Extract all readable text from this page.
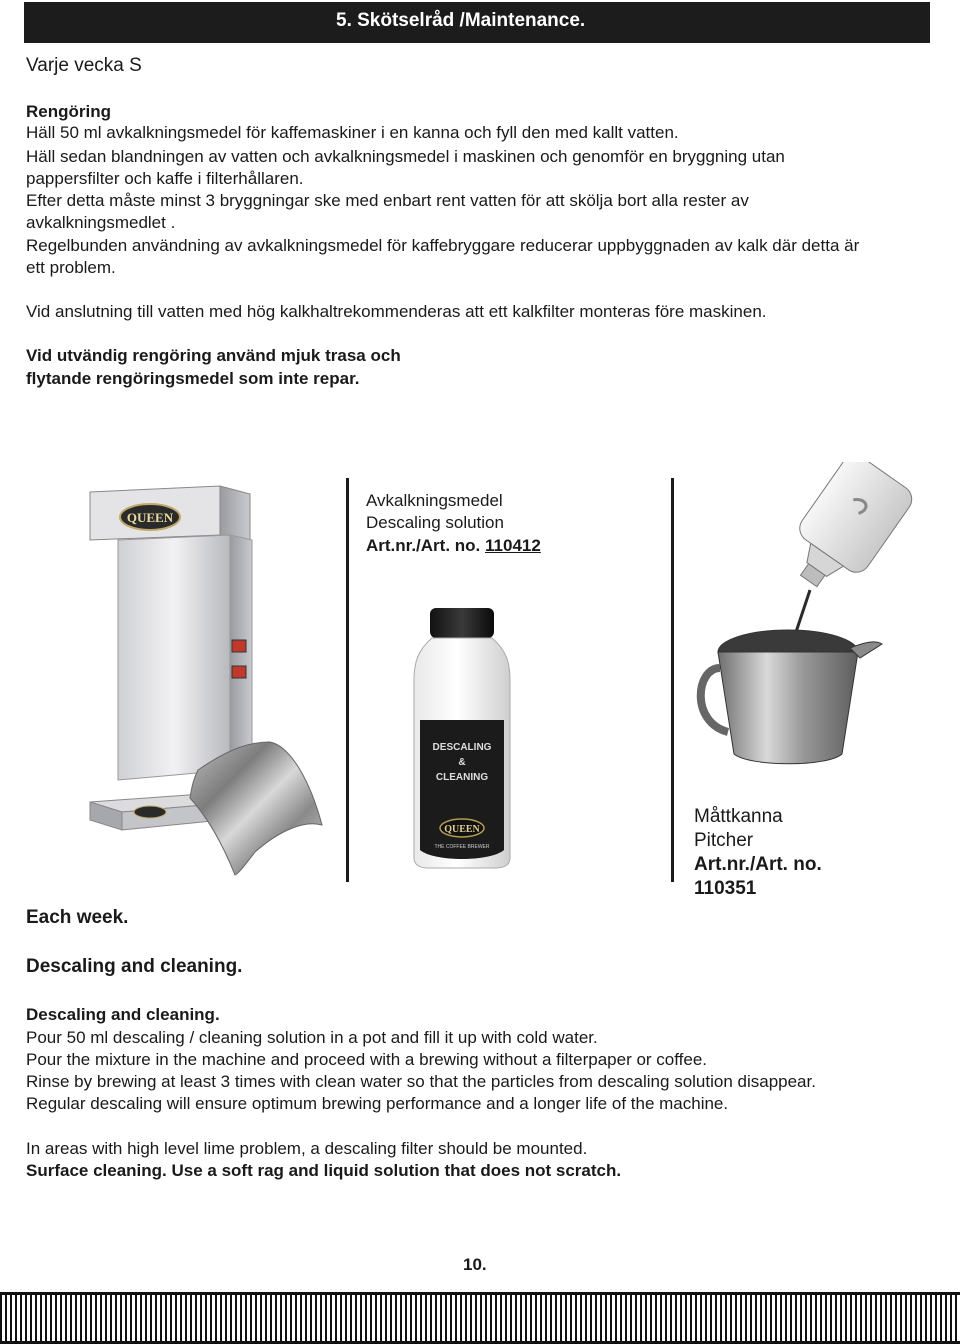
5. Skötselråd /Maintenance.
Varje vecka S
Rengöring
Häll 50 ml avkalkningsmedel för kaffemaskiner i en kanna och fyll den med kallt vatten.
Häll sedan blandningen av vatten och avkalkningsmedel i maskinen och genomför en bryggning utan
pappersfilter och kaffe i filterhållaren.
Efter detta måste minst 3 bryggningar ske med enbart rent vatten för att skölja bort alla rester av
avkalkningsmedlet .
Regelbunden användning av avkalkningsmedel för kaffebryggare reducerar uppbyggnaden av kalk där detta är
ett problem.
Vid anslutning till vatten med hög kalkhaltrekommenderas att ett kalkfilter monteras före maskinen.
Vid utvändig rengöring använd mjuk trasa och
flytande rengöringsmedel som inte repar.
QUEEN
Avkalkningsmedel
Descaling solution
Art.nr./Art. no. 110412
DESCALING
&
CLEANING
QUEEN
THE COFFEE BREWER
Måttkanna
Pitcher
Art.nr./Art. no.
110351
Each week.
Descaling and cleaning.
Descaling and cleaning.
Pour 50 ml descaling / cleaning solution in a pot and fill it up with cold water.
Pour the mixture in the machine and proceed with a brewing without a filterpaper or coffee.
Rinse by brewing at least 3 times with clean water so that the particles from descaling solution disappear.
Regular descaling will ensure optimum brewing performance and a longer life of the machine.
In areas with high level lime problem, a descaling filter should be mounted.
Surface cleaning. Use a soft rag and liquid solution that does not scratch.
10.
